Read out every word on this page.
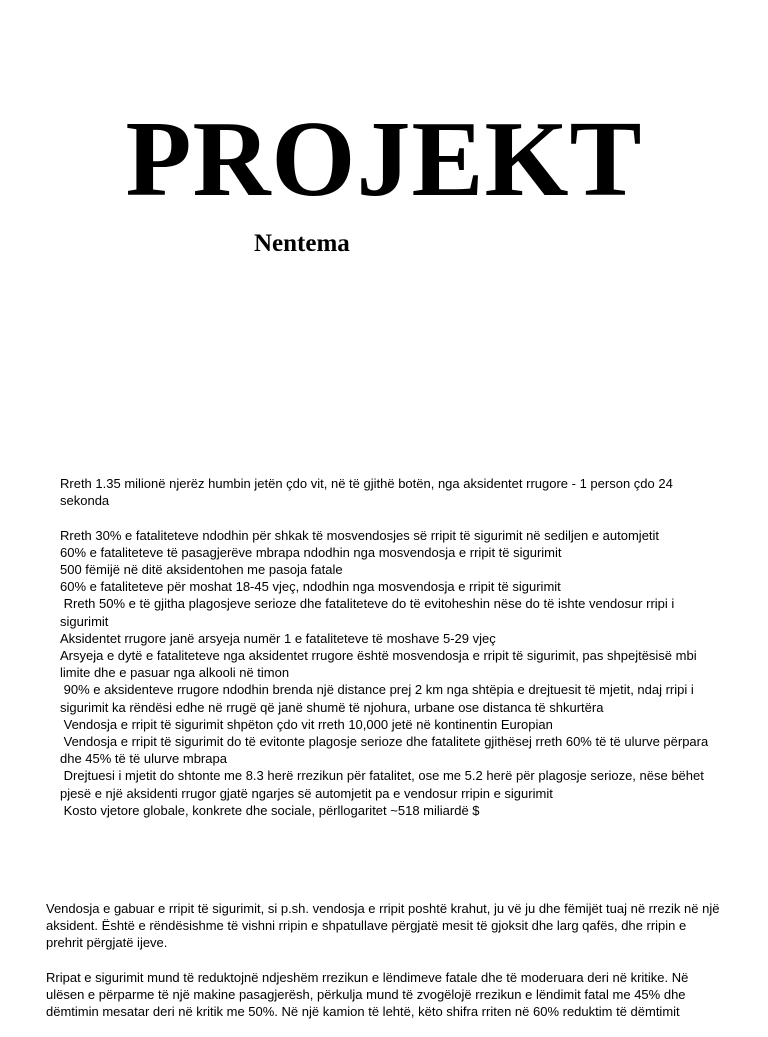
PROJEKT
Nentema

Rreth 1.35 milionë njerëz humbin jetën çdo vit, në të gjithë botën, nga aksidentet rrugore - 1 person çdo 24 sekonda

Rreth 30% e fataliteteve ndodhin për shkak të mosvendosjes së rripit të sigurimit në sediljen e automjetit

60% e fataliteteve të pasagjerëve mbrapa ndodhin nga mosvendosja e rripit të sigurimit

500 fëmijë në ditë aksidentohen me pasoja fatale

60% e fataliteteve për moshat 18-45 vjeç, ndodhin nga mosvendosja e rripit të sigurimit

Rreth 50% e të gjitha plagosjeve serioze dhe fataliteteve do të evitoheshin nëse do të ishte vendosur rripi i sigurimit

Aksidentet rrugore janë arsyeja numër 1 e fataliteteve të moshave 5-29 vjeç

Arsyeja e dytë e fataliteteve nga aksidentet rrugore është mosvendosja e rripit të sigurimit, pas shpejtësisë mbi limite dhe e pasuar nga alkooli në timon

90% e aksidenteve rrugore ndodhin brenda një distance prej 2 km nga shtëpia e drejtuesit të mjetit, ndaj rripi i sigurimit ka rëndësi edhe në rrugë që janë shumë të njohura, urbane ose distanca të shkurtëra

Vendosja e rripit të sigurimit shpëton çdo vit rreth 10,000 jetë në kontinentin Europian

Vendosja e rripit të sigurimit do të evitonte plagosje serioze dhe fatalitete gjithësej rreth 60% të të ulurve përpara dhe 45% të të ulurve mbrapa

Drejtuesi i mjetit do shtonte me 8.3 herë rrezikun për fatalitet, ose me 5.2 herë për plagosje serioze, nëse bëhet pjesë e një aksidenti rrugor gjatë ngarjes së automjetit pa e vendosur rripin e sigurimit

Kosto vjetore globale, konkrete dhe sociale, përllogaritet ~518 miliardë $

Vendosja e gabuar e rripit të sigurimit, si p.sh. vendosja e rripit poshtë krahut, ju vë ju dhe fëmijët tuaj në rrezik në një aksident. Është e rëndësishme të vishni rripin e shpatullave përgjatë mesit të gjoksit dhe larg qafës, dhe rripin e prehrit përgjatë ijeve.

Rripat e sigurimit mund të reduktojnë ndjeshëm rrezikun e lëndimeve fatale dhe të moderuara deri në kritike. Në ulësen e përparme të një makine pasagjerësh, përkulja mund të zvogëlojë rrezikun e lëndimit fatal me 45% dhe dëmtimin mesatar deri në kritik me 50%. Në një kamion të lehtë, këto shifra rriten në 60% reduktim të dëmtimit
